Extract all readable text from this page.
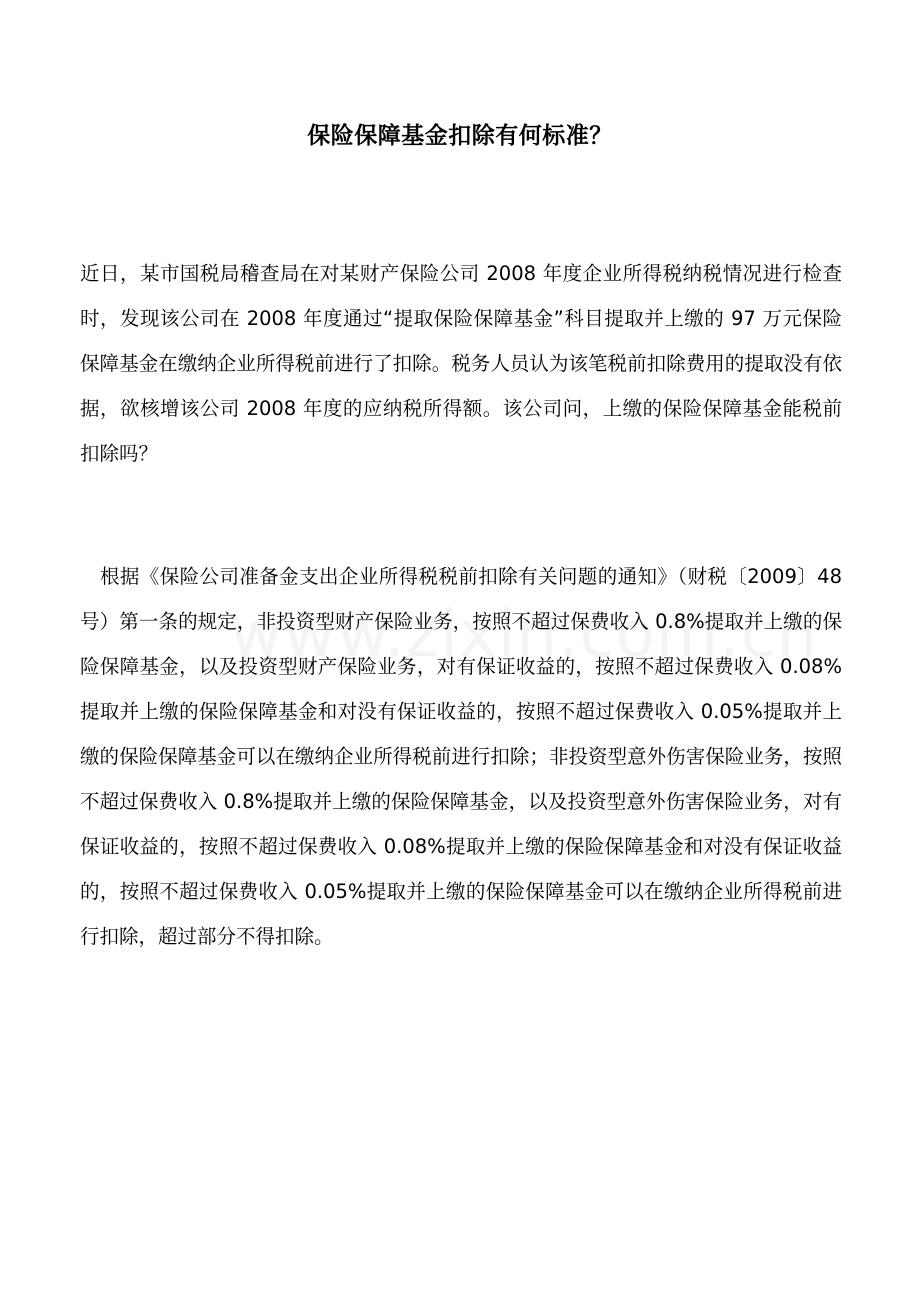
保险保障基金扣除有何标准？
近日，某市国税局稽查局在对某财产保险公司 2008 年度企业所得税纳税情况进行检查时，发现该公司在 2008 年度通过“提取保险保障基金”科目提取并上缴的 97 万元保险保障基金在缴纳企业所得税前进行了扣除。税务人员认为该笔税前扣除费用的提取没有依据，欲核增该公司 2008 年度的应纳税所得额。该公司问，上缴的保险保障基金能税前扣除吗？
根据《保险公司准备金支出企业所得税税前扣除有关问题的通知》（财税〔2009〕48 号）第一条的规定，非投资型财产保险业务，按照不超过保费收入 0.8%提取并上缴的保险保障基金，以及投资型财产保险业务，对有保证收益的，按照不超过保费收入 0.08%提取并上缴的保险保障基金和对没有保证收益的，按照不超过保费收入 0.05%提取并上缴的保险保障基金可以在缴纳企业所得税前进行扣除；非投资型意外伤害保险业务，按照不超过保费收入 0.8%提取并上缴的保险保障基金，以及投资型意外伤害保险业务，对有保证收益的，按照不超过保费收入 0.08%提取并上缴的保险保障基金和对没有保证收益的，按照不超过保费收入 0.05%提取并上缴的保险保障基金可以在缴纳企业所得税前进行扣除，超过部分不得扣除。
